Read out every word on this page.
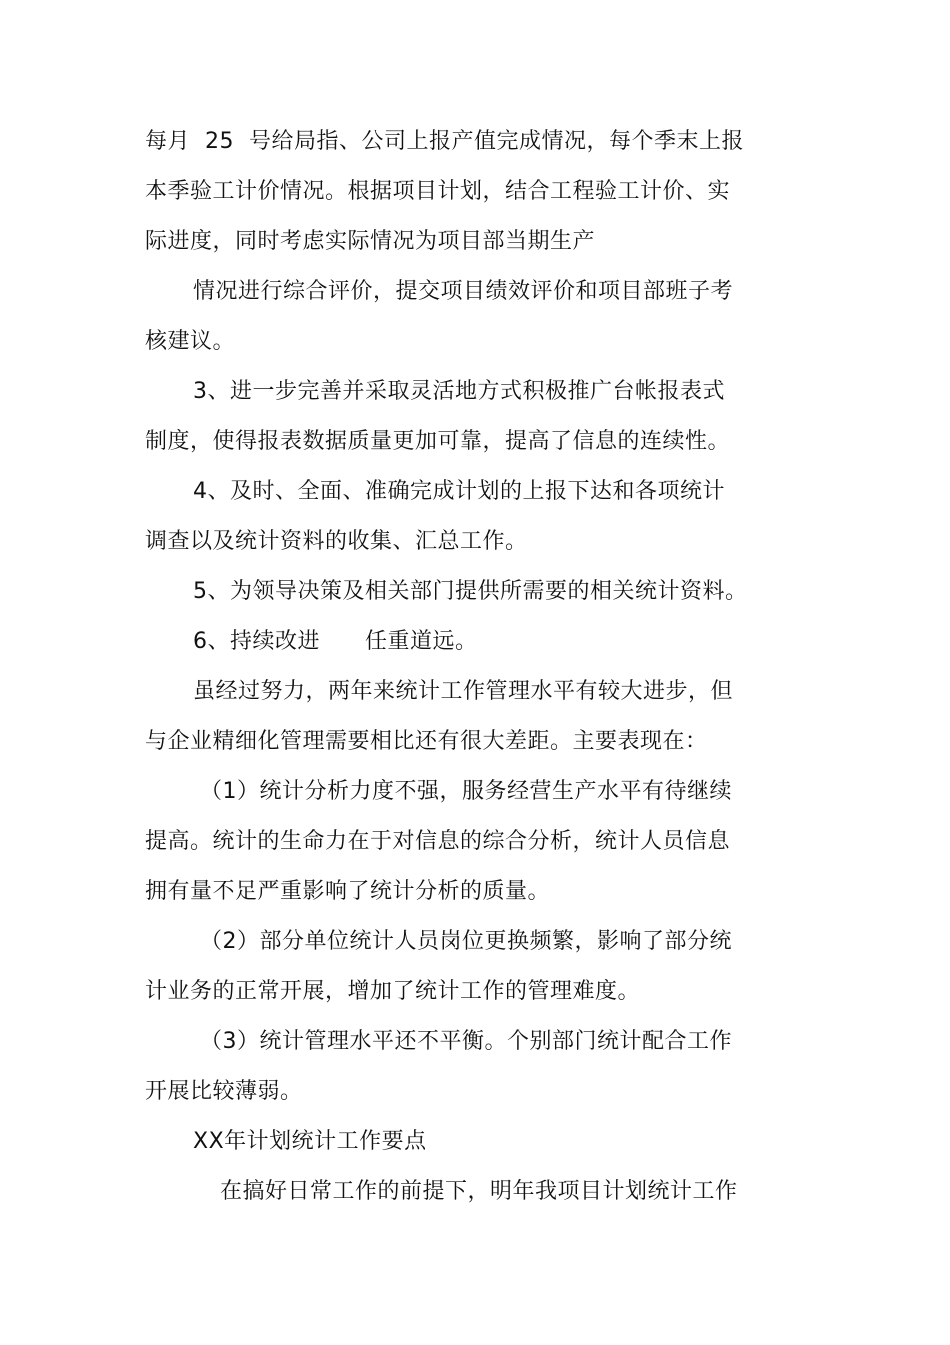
每月  25  号给局指、公司上报产值完成情况，每个季末上报
本季验工计价情况。根据项目计划，结合工程验工计价、实
际进度，同时考虑实际情况为项目部当期生产
情况进行综合评价，提交项目绩效评价和项目部班子考
核建议。
3、进一步完善并采取灵活地方式积极推广台帐报表式
制度，使得报表数据质量更加可靠，提高了信息的连续性。
4、及时、全面、准确完成计划的上报下达和各项统计
调查以及统计资料的收集、汇总工作。
5、为领导决策及相关部门提供所需要的相关统计资料。
6、持续改进      任重道远。
虽经过努力，两年来统计工作管理水平有较大进步，但
与企业精细化管理需要相比还有很大差距。主要表现在：
（1）统计分析力度不强，服务经营生产水平有待继续
提高。统计的生命力在于对信息的综合分析，统计人员信息
拥有量不足严重影响了统计分析的质量。
（2）部分单位统计人员岗位更换频繁，影响了部分统
计业务的正常开展，增加了统计工作的管理难度。
（3）统计管理水平还不平衡。个别部门统计配合工作
开展比较薄弱。
XX年计划统计工作要点
在搞好日常工作的前提下，明年我项目计划统计工作
